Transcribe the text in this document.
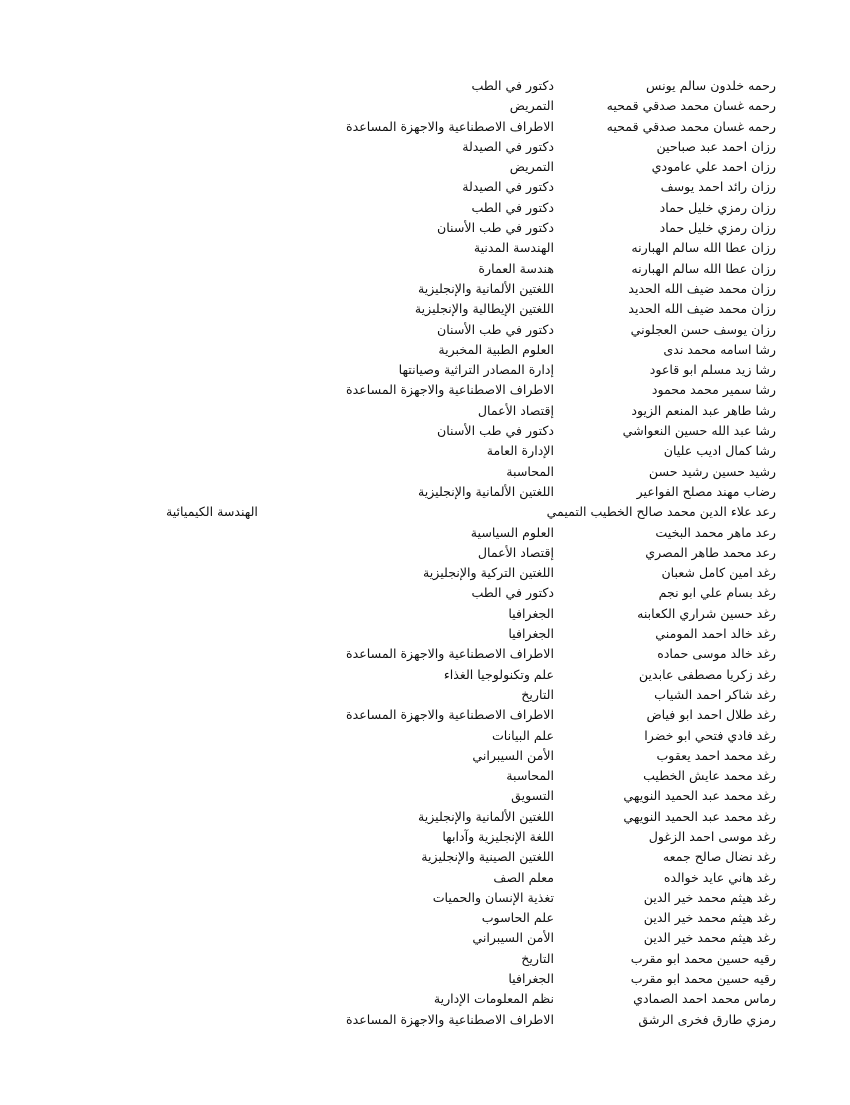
رحمه خلدون سالم يونس
دكتور في الطب
رحمه غسان محمد صدقي قمحيه
التمريض
رحمه غسان محمد صدقي قمحيه
الاطراف الاصطناعية والاجهزة المساعدة
رزان احمد عبد صباحين
دكتور في الصيدلة
رزان احمد علي عامودي
التمريض
رزان رائد احمد يوسف
دكتور في الصيدلة
رزان رمزي خليل حماد
دكتور في الطب
رزان رمزي خليل حماد
دكتور في طب الأسنان
رزان عطا الله سالم الهبارنه
الهندسة المدنية
رزان عطا الله سالم الهبارنه
هندسة العمارة
رزان محمد ضيف الله الحديد
اللغتين الألمانية والإنجليزية
رزان محمد ضيف الله الحديد
اللغتين الإيطالية والإنجليزية
رزان يوسف حسن العجلوني
دكتور في طب الأسنان
رشا اسامه محمد ندى
العلوم الطبية المخبرية
رشا زيد مسلم ابو قاعود
إدارة المصادر التراثية وصيانتها
رشا سمير محمد محمود
الاطراف الاصطناعية والاجهزة المساعدة
رشا طاهر عبد المنعم الزيود
إقتصاد الأعمال
رشا عبد الله حسين النعواشي
دكتور في طب الأسنان
رشا كمال اديب عليان
الإدارة العامة
رشيد حسين رشيد حسن
المحاسبة
رضاب مهند مصلح الفواعير
اللغتين الألمانية والإنجليزية
رعد علاء الدين محمد صالح الخطيب التميمي
الهندسة الكيميائية
رعد ماهر محمد البخيت
العلوم السياسية
رعد محمد طاهر المصري
إقتصاد الأعمال
رغد امين كامل شعبان
اللغتين التركية والإنجليزية
رغد بسام علي ابو نجم
دكتور في الطب
رغد حسين شراري الكعابنه
الجغرافيا
رغد خالد احمد المومني
الجغرافيا
رغد خالد موسى حماده
الاطراف الاصطناعية والاجهزة المساعدة
رغد زكريا مصطفى عابدين
علم وتكنولوجيا الغذاء
رغد شاكر احمد الشياب
التاريخ
رغد طلال احمد ابو فياض
الاطراف الاصطناعية والاجهزة المساعدة
رغد فادي فتحي ابو خضرا
علم البيانات
رغد محمد احمد يعقوب
الأمن السيبراني
رغد محمد عايش الخطيب
المحاسبة
رغد محمد عبد الحميد النويهي
التسويق
رغد محمد عبد الحميد النويهي
اللغتين الألمانية والإنجليزية
رغد موسى احمد الزغول
اللغة الإنجليزية وآدابها
رغد نضال صالح جمعه
اللغتين الصينية والإنجليزية
رغد هاني عايد خوالده
معلم الصف
رغد هيثم محمد خير الدين
تغذية الإنسان والحميات
رغد هيثم محمد خير الدين
علم الحاسوب
رغد هيثم محمد خير الدين
الأمن السيبراني
رقيه حسين محمد ابو مقرب
التاريخ
رقيه حسين محمد ابو مقرب
الجغرافيا
رماس محمد احمد الصمادي
نظم المعلومات الإدارية
رمزي طارق فخرى الرشق
الاطراف الاصطناعية والاجهزة المساعدة
